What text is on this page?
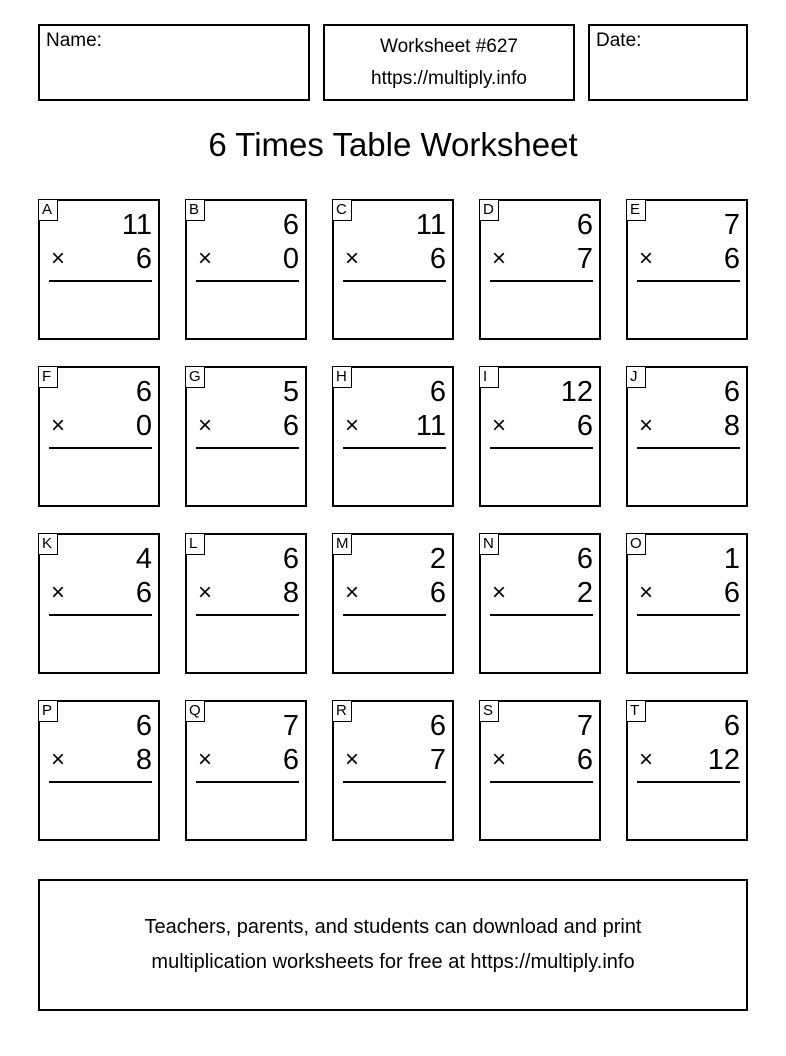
Name:	Worksheet #627
https://multiply.info
Date:
6 Times Table Worksheet
A 11
× 6
B	6
× 0
C 11
× 6
D	6
× 7
E	7
× 6
F	6
× 0
G	5
× 6
H	6
× 11
I	12
× 6
J	6
× 8
K	4
× 6
L	6
× 8
M	2
× 6
N	6
× 2
O	1
× 6
P	6
× 8
Q	7
× 6
R	6
× 7
S	7
× 6
T	6
× 12
Teachers, parents, and students can download and print
multiplication worksheets for free at https://multiply.info
